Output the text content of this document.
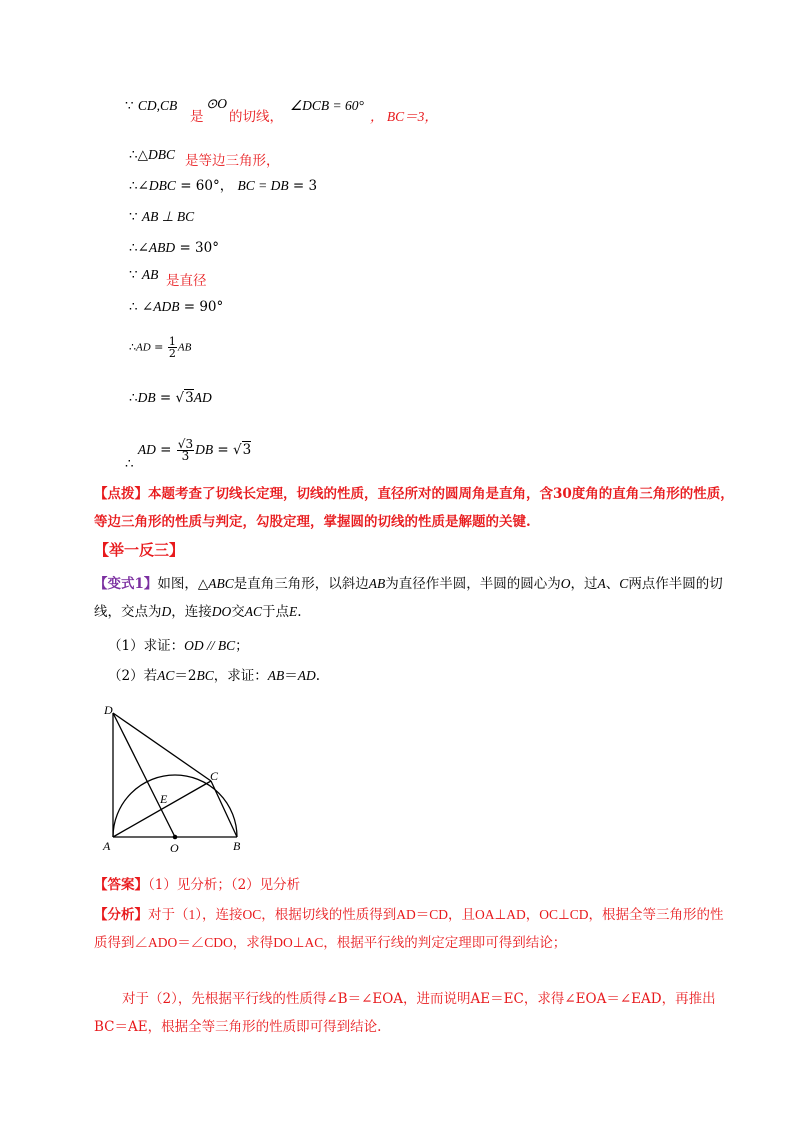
∵ CD,CB
是
⊙O
的切线，
∠DCB = 60°
， BC＝3，
∴△DBC 是等边三角形，
∴∠DBC = 60°， BC = DB = 3
∵ AB ⊥ BC
∴∠ABD = 30°
∵ AB 是直径
∴ ∠ADB = 90°
∴AD = $\frac{1}{2}$ AB
∴DB = √3AD
∴ AD = $\frac{√3}{3}$ DB = √3
【点拨】本题考查了切线长定理，切线的性质，直径所对的圆周角是直角，含30度角的直角三角形的性质，等边三角形的性质与判定，勾股定理，掌握圆的切线的性质是解题的关键.
【举一反三】
【变式1】如图，△ABC是直角三角形，以斜边AB为直径作半圆，半圆的圆心为O，过A、C两点作半圆的切线，交点为D，连接DO交AC于点E.
（1）求证：OD // BC；
（2）若AC＝2BC，求证：AB＝AD.
D
C
E
A	O	B
【答案】（1）见分析；（2）见分析
【分析】对于（1），连接OC，根据切线的性质得到AD＝CD，且OA⊥AD，OC⊥CD，根据全等三角形的性质得到∠ADO＝∠CDO，求得DO⊥AC，根据平行线的判定定理即可得到结论；
对于（2），先根据平行线的性质得∠B＝∠EOA，进而说明AE＝EC，求得∠EOA＝∠EAD，再推出BC＝AE，根据全等三角形的性质即可得到结论.
